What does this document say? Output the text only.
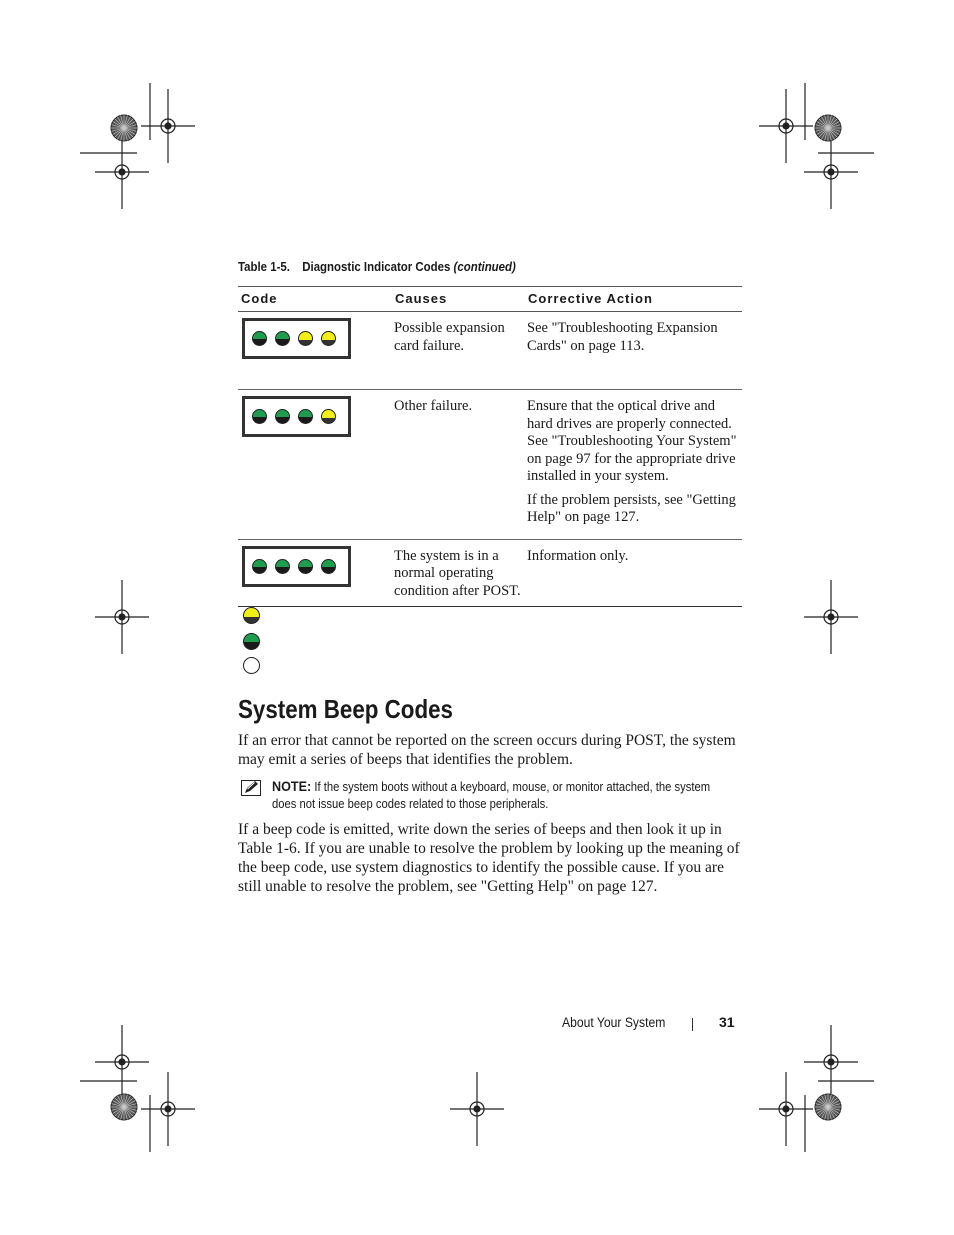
Table 1-5. Diagnostic Indicator Codes (continued)
Code	Causes	Corrective Action

	Possible expansion card failure.	See "Troubleshooting Expansion Cards" on page 113.

	Other failure.	Ensure that the optical drive and hard drives are properly connected. See "Troubleshooting Your System" on page 97 for the appropriate drive installed in your system.

If the problem persists, see "Getting Help" on page 127.

	The system is in a normal operating condition after POST.	Information only.

System Beep Codes
If an error that cannot be reported on the screen occurs during POST, the system may emit a series of beeps that identifies the problem.
NOTE: If the system boots without a keyboard, mouse, or monitor attached, the system does not issue beep codes related to those peripherals.
If a beep code is emitted, write down the series of beeps and then look it up in Table 1-6. If you are unable to resolve the problem by looking up the meaning of the beep code, use system diagnostics to identify the possible cause. If you are still unable to resolve the problem, see "Getting Help" on page 127.
About Your System	31
